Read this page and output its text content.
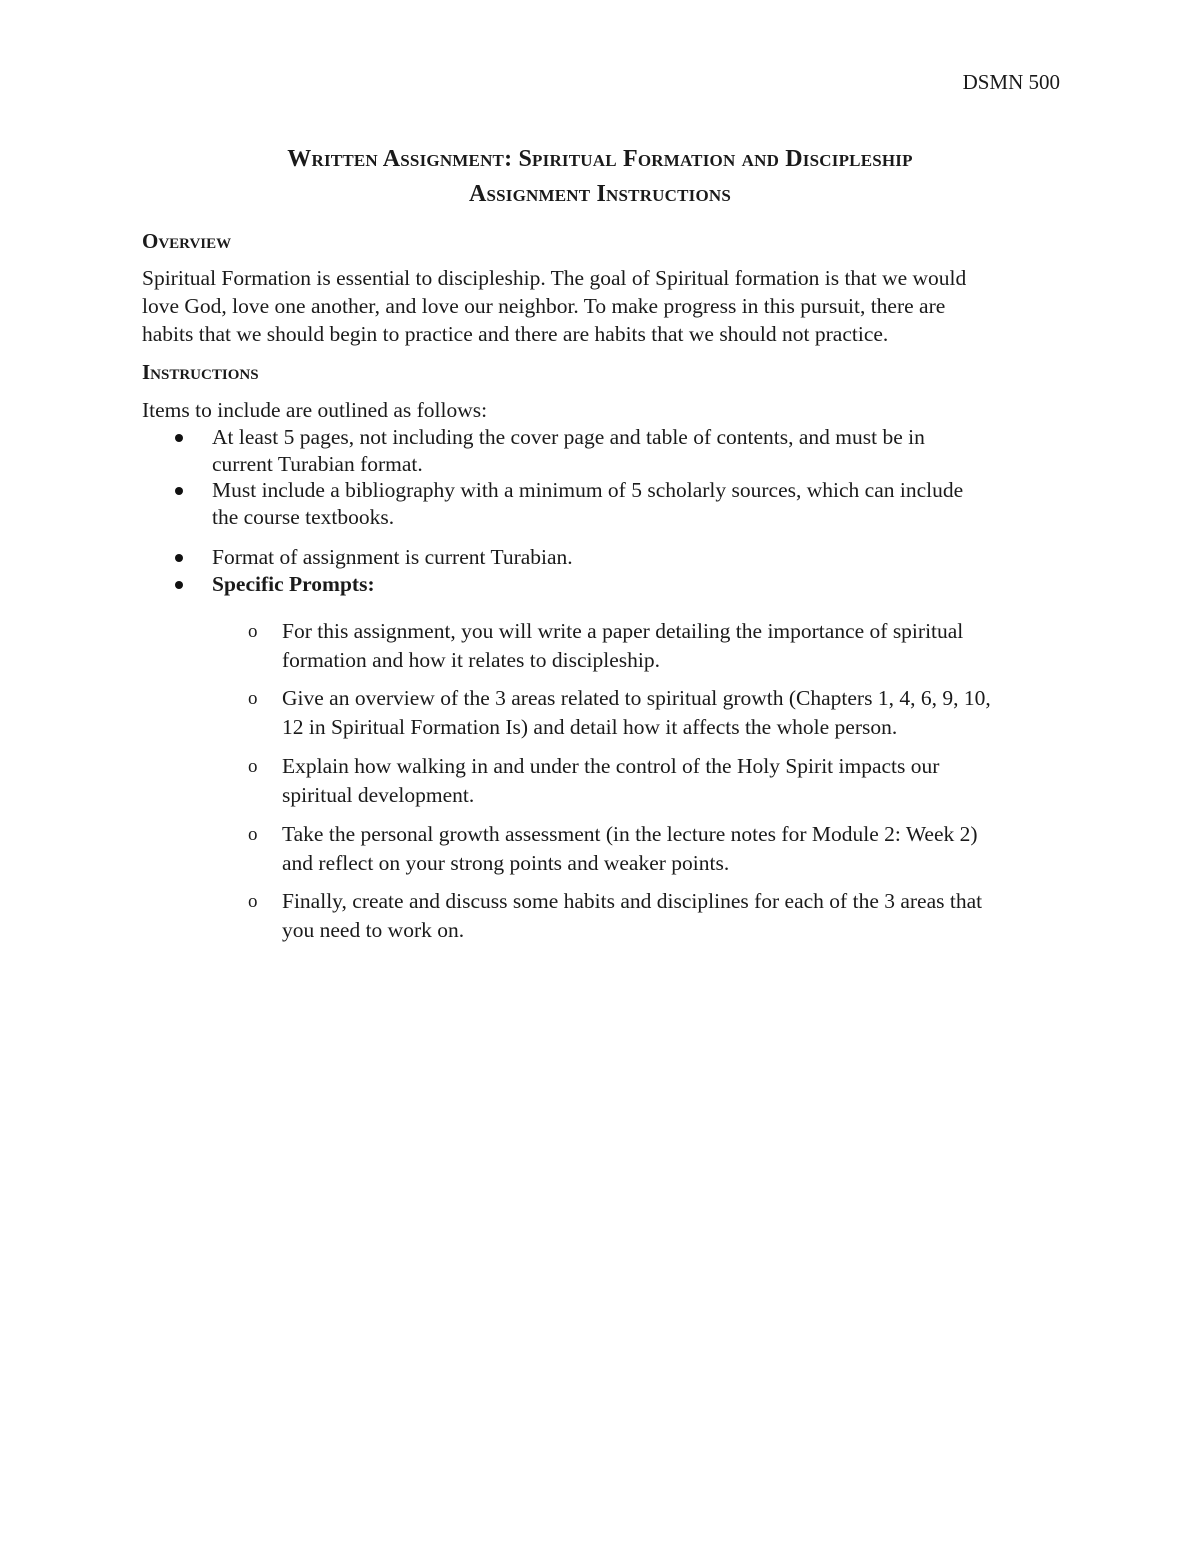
DSMN 500
Written Assignment: Spiritual Formation and Discipleship
Assignment Instructions
Overview
Spiritual Formation is essential to discipleship. The goal of Spiritual formation is that we would
love God, love one another, and love our neighbor. To make progress in this pursuit, there are
habits that we should begin to practice and there are habits that we should not practice.
Instructions
Items to include are outlined as follows:
At least 5 pages, not including the cover page and table of contents, and must be in
current Turabian format.
Must include a bibliography with a minimum of 5 scholarly sources, which can include
the course textbooks.
Format of assignment is current Turabian.
Specific Prompts:
o For this assignment, you will write a paper detailing the importance of spiritual
formation and how it relates to discipleship.
o Give an overview of the 3 areas related to spiritual growth (Chapters 1, 4, 6, 9, 10,
12 in Spiritual Formation Is) and detail how it affects the whole person.
o Explain how walking in and under the control of the Holy Spirit impacts our
spiritual development.
o Take the personal growth assessment (in the lecture notes for Module 2: Week 2)
and reflect on your strong points and weaker points.
o Finally, create and discuss some habits and disciplines for each of the 3 areas that
you need to work on.
